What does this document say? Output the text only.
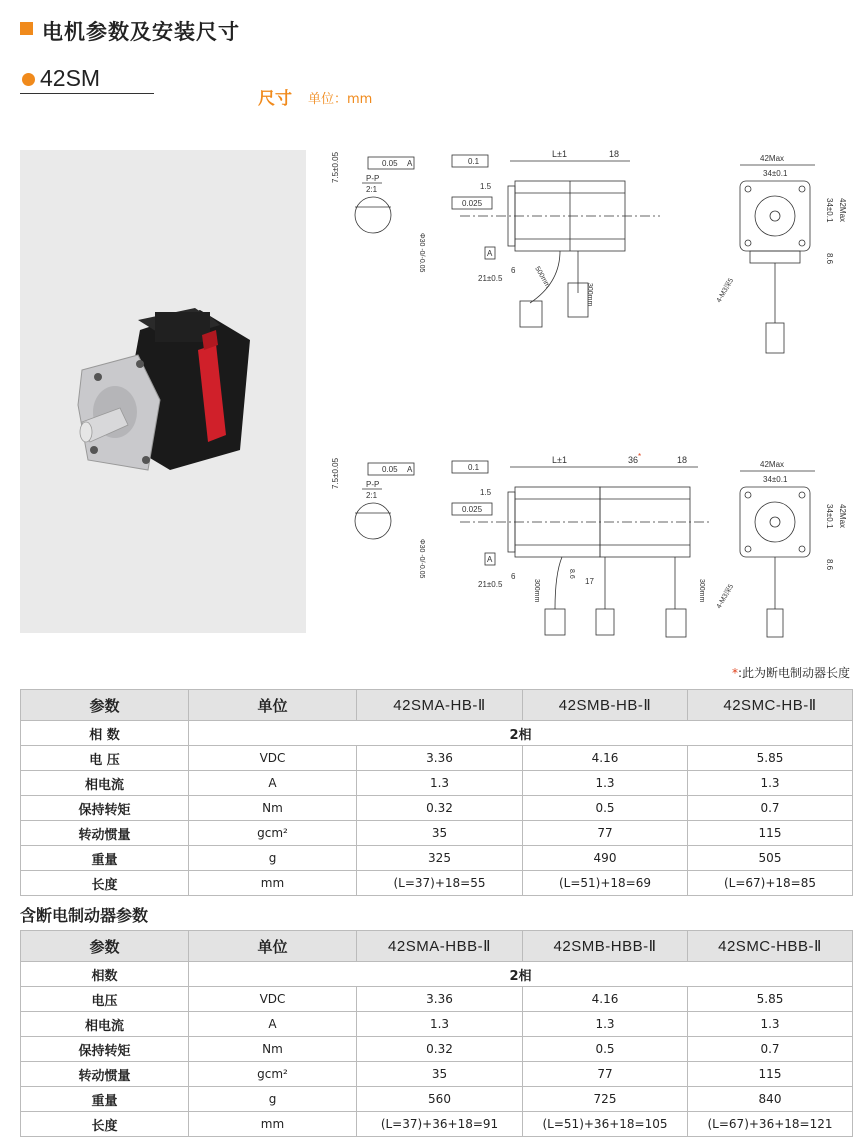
电机参数及安装尺寸
42SM
尺寸 单位：mm
7.5±0.05	0.05 A
P-P
2:1
0.1
L±1	18
1.5
0.025
Φ30 -0/-0.05	A
21±0.5
6
300mm
500mm
42Max
34±0.1
34±0.1 42Max
8.6
4-M3深5
7.5±0.05	0.05 A
P-P
2:1
0.1
L±1	36 *	18
1.5
0.025
Φ30 -0/-0.05	A
21±0.5
6
17
8.6
300mm	300mm
42Max
34±0.1
34±0.1 42Max
8.6
4-M3深5
*:此为断电制动器长度
参数	单位	42SMA-HB-Ⅱ	42SMB-HB-Ⅱ	42SMC-HB-Ⅱ
相 数	2相			
电 压	VDC	3.36	4.16	5.85
相电流	A	1.3	1.3	1.3
保持转矩	Nm	0.32	0.5	0.7
转动惯量	gcm²	35	77	115
重量	g	325	490	505
长度	mm	(L=37)+18=55	(L=51)+18=69	(L=67)+18=85
含断电制动器参数
参数	单位	42SMA-HBB-Ⅱ	42SMB-HBB-Ⅱ	42SMC-HBB-Ⅱ
相数	2相			
电压	VDC	3.36	4.16	5.85
相电流	A	1.3	1.3	1.3
保持转矩	Nm	0.32	0.5	0.7
转动惯量	gcm²	35	77	115
重量	g	560	725	840
长度	mm	(L=37)+36+18=91	(L=51)+36+18=105	(L=67)+36+18=121
